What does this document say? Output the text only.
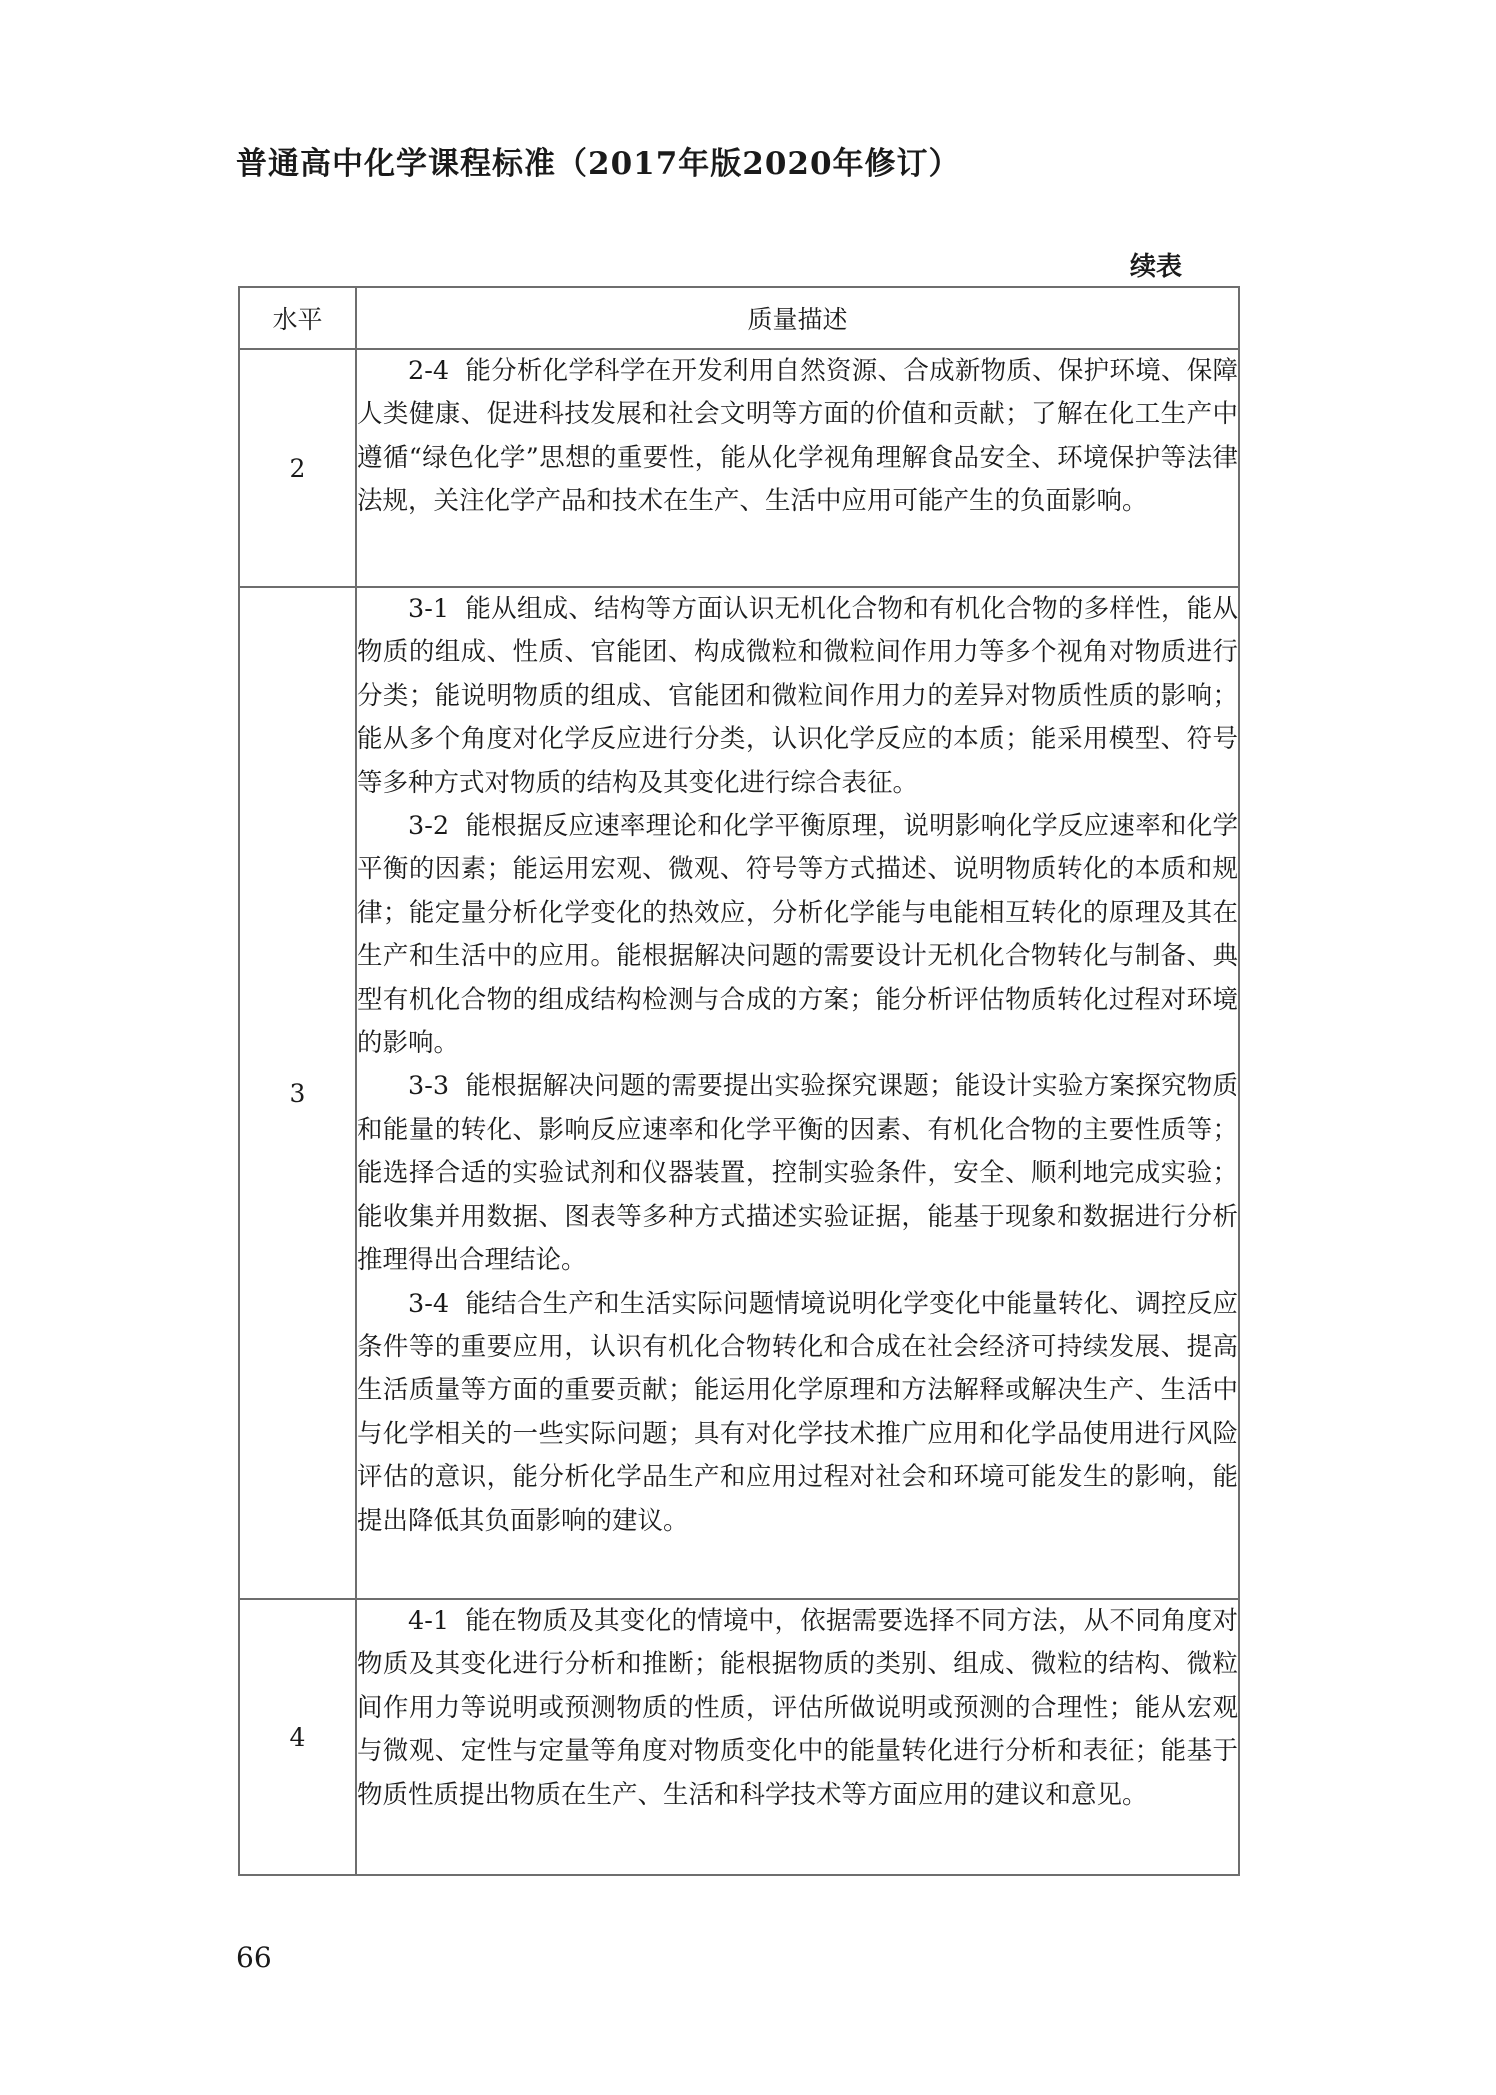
普通高中化学课程标准（2017年版2020年修订）
续表
水平	质量描述
2	2-4 能分析化学科学在开发利用自然资源、合成新物质、保护环境、保障人类健康、促进科技发展和社会文明等方面的价值和贡献；了解在化工生产中遵循“绿色化学”思想的重要性，能从化学视角理解食品安全、环境保护等法律法规，关注化学产品和技术在生产、生活中应用可能产生的负面影响。

3	3-1 能从组成、结构等方面认识无机化合物和有机化合物的多样性，能从物质的组成、性质、官能团、构成微粒和微粒间作用力等多个视角对物质进行分类；能说明物质的组成、官能团和微粒间作用力的差异对物质性质的影响；能从多个角度对化学反应进行分类，认识化学反应的本质；能采用模型、符号等多种方式对物质的结构及其变化进行综合表征。

3-2 能根据反应速率理论和化学平衡原理，说明影响化学反应速率和化学平衡的因素；能运用宏观、微观、符号等方式描述、说明物质转化的本质和规律；能定量分析化学变化的热效应，分析化学能与电能相互转化的原理及其在生产和生活中的应用。能根据解决问题的需要设计无机化合物转化与制备、典型有机化合物的组成结构检测与合成的方案；能分析评估物质转化过程对环境的影响。

3-3 能根据解决问题的需要提出实验探究课题；能设计实验方案探究物质和能量的转化、影响反应速率和化学平衡的因素、有机化合物的主要性质等；能选择合适的实验试剂和仪器装置，控制实验条件，安全、顺利地完成实验；能收集并用数据、图表等多种方式描述实验证据，能基于现象和数据进行分析推理得出合理结论。

3-4 能结合生产和生活实际问题情境说明化学变化中能量转化、调控反应条件等的重要应用，认识有机化合物转化和合成在社会经济可持续发展、提高生活质量等方面的重要贡献；能运用化学原理和方法解释或解决生产、生活中与化学相关的一些实际问题；具有对化学技术推广应用和化学品使用进行风险评估的意识，能分析化学品生产和应用过程对社会和环境可能发生的影响，能提出降低其负面影响的建议。

4	4-1 能在物质及其变化的情境中，依据需要选择不同方法，从不同角度对物质及其变化进行分析和推断；能根据物质的类别、组成、微粒的结构、微粒间作用力等说明或预测物质的性质，评估所做说明或预测的合理性；能从宏观与微观、定性与定量等角度对物质变化中的能量转化进行分析和表征；能基于物质性质提出物质在生产、生活和科学技术等方面应用的建议和意见。

66
